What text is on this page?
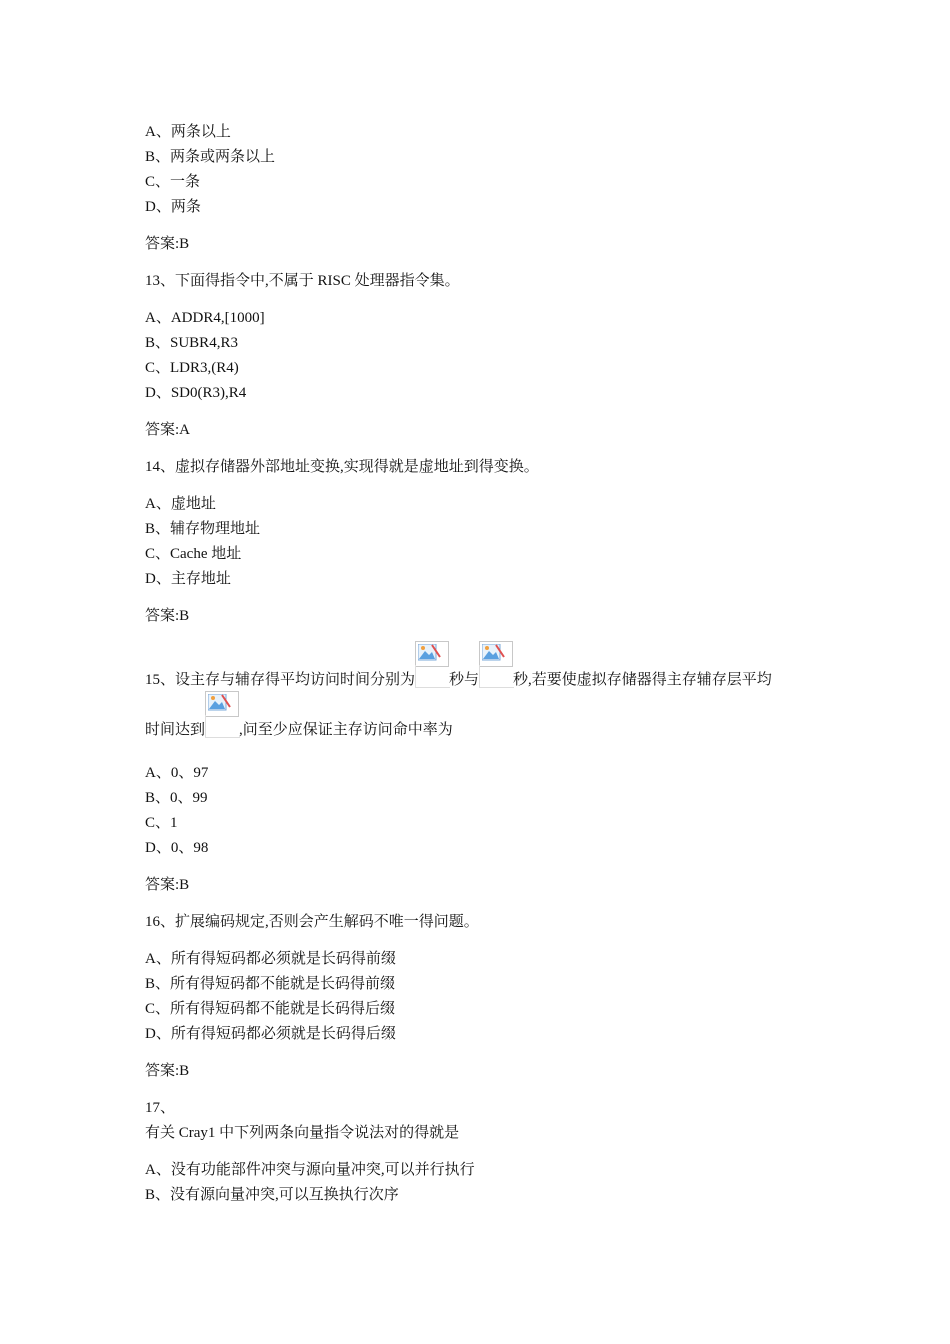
A、两条以上
B、两条或两条以上
C、一条
D、两条
答案:B
13、下面得指令中,不属于 RISC 处理器指令集。
A、ADDR4,[1000]
B、SUBR4,R3
C、LDR3,(R4)
D、SD0(R3),R4
答案:A
14、虚拟存储器外部地址变换,实现得就是虚地址到得变换。
A、虚地址
B、辅存物理地址
C、Cache 地址
D、主存地址
答案:B
15、设主存与辅存得平均访问时间分别为 秒与 秒,若要使虚拟存储器得主存辅存层平均
时间达到 ,问至少应保证主存访问命中率为
A、0、97
B、0、99
C、1
D、0、98
答案:B
16、扩展编码规定,否则会产生解码不唯一得问题。
A、所有得短码都必须就是长码得前缀
B、所有得短码都不能就是长码得前缀
C、所有得短码都不能就是长码得后缀
D、所有得短码都必须就是长码得后缀
答案:B
17、
有关 Cray1 中下列两条向量指令说法对的得就是
A、没有功能部件冲突与源向量冲突,可以并行执行
B、没有源向量冲突,可以互换执行次序
